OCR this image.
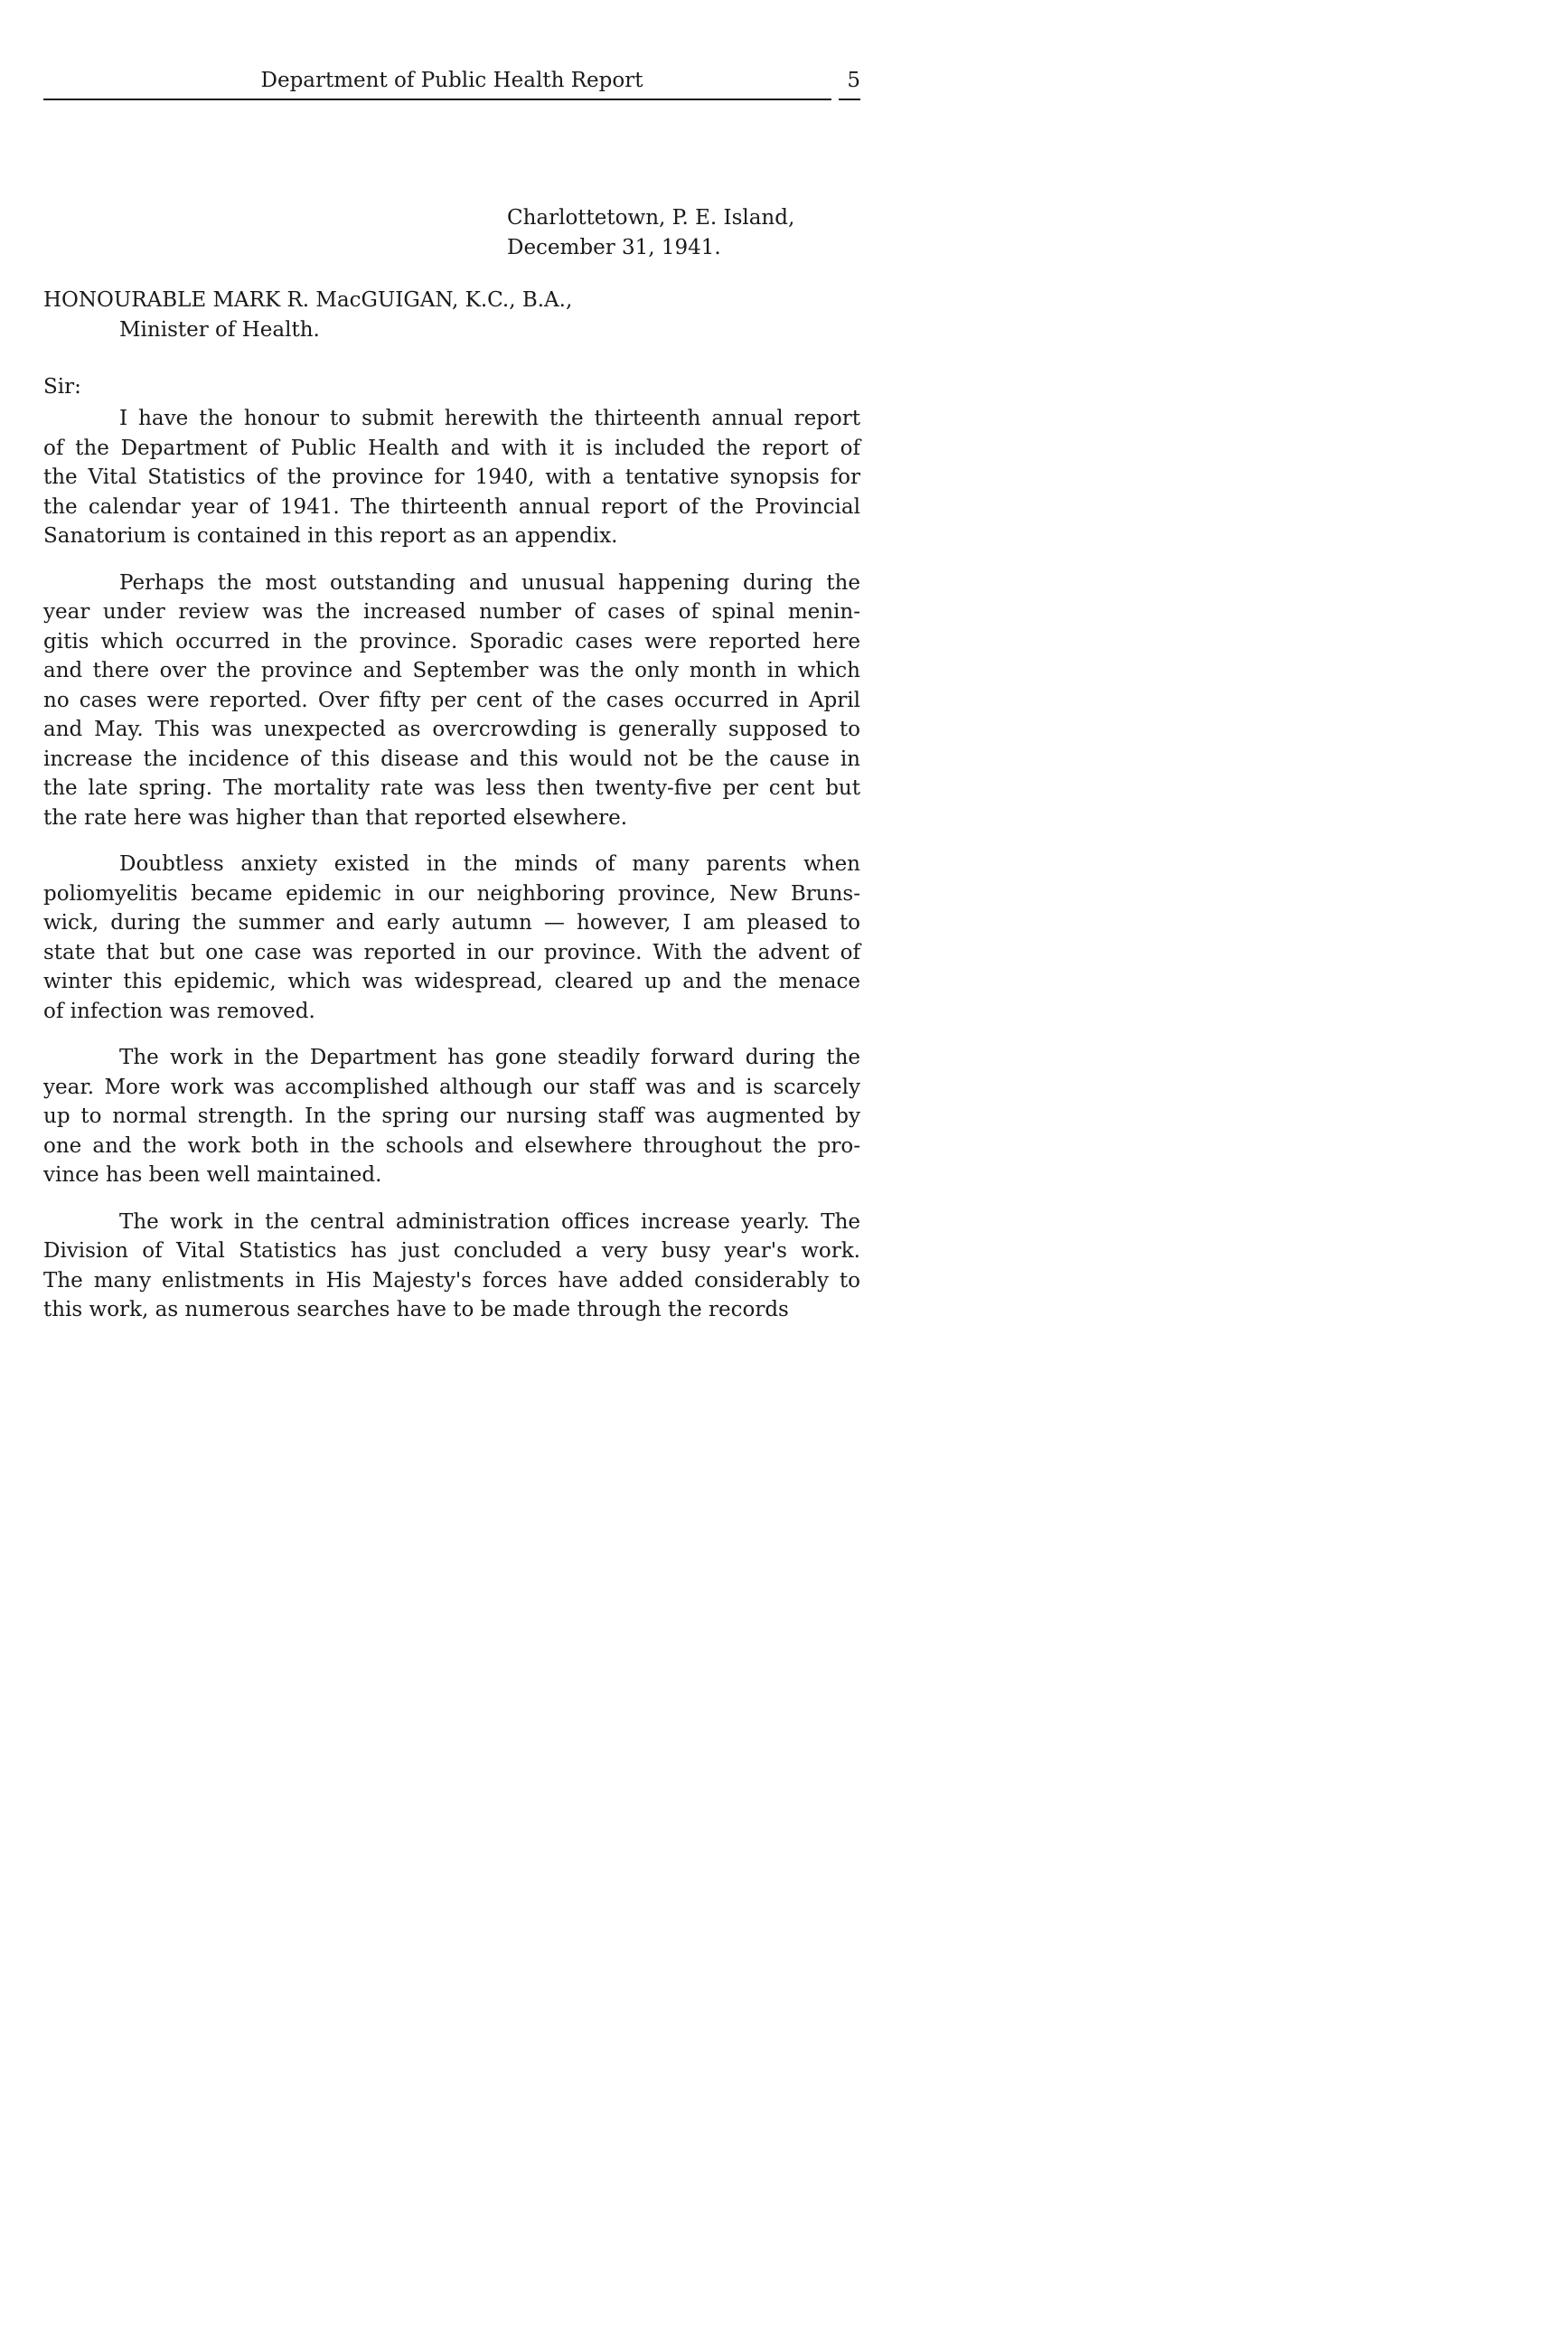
Department of Public Health Report	5
Charlottetown, P. E. Island,
December 31, 1941.
HONOURABLE MARK R. MacGUIGAN, K.C., B.A.,
Minister of Health.
Sir:

I have the honour to submit herewith the thirteenth annual report
of the Department of Public Health and with it is included the report of
the Vital Statistics of the province for 1940, with a tentative synopsis for
the calendar year of 1941. The thirteenth annual report of the Provincial
Sanatorium is contained in this report as an appendix.

Perhaps the most outstanding and unusual happening during the
year under review was the increased number of cases of spinal menin-
gitis which occurred in the province. Sporadic cases were reported here
and there over the province and September was the only month in which
no cases were reported. Over fifty per cent of the cases occurred in April
and May. This was unexpected as overcrowding is generally supposed to
increase the incidence of this disease and this would not be the cause in
the late spring. The mortality rate was less then twenty-five per cent but
the rate here was higher than that reported elsewhere.

Doubtless anxiety existed in the minds of many parents when
poliomyelitis became epidemic in our neighboring province, New Bruns-
wick, during the summer and early autumn — however, I am pleased to
state that but one case was reported in our province. With the advent of
winter this epidemic, which was widespread, cleared up and the menace
of infection was removed.

The work in the Department has gone steadily forward during the
year. More work was accomplished although our staff was and is scarcely
up to normal strength. In the spring our nursing staff was augmented by
one and the work both in the schools and elsewhere throughout the pro-
vince has been well maintained.

The work in the central administration offices increase yearly. The
Division of Vital Statistics has just concluded a very busy year's work.
The many enlistments in His Majesty's forces have added considerably to
this work, as numerous searches have to be made through the records
